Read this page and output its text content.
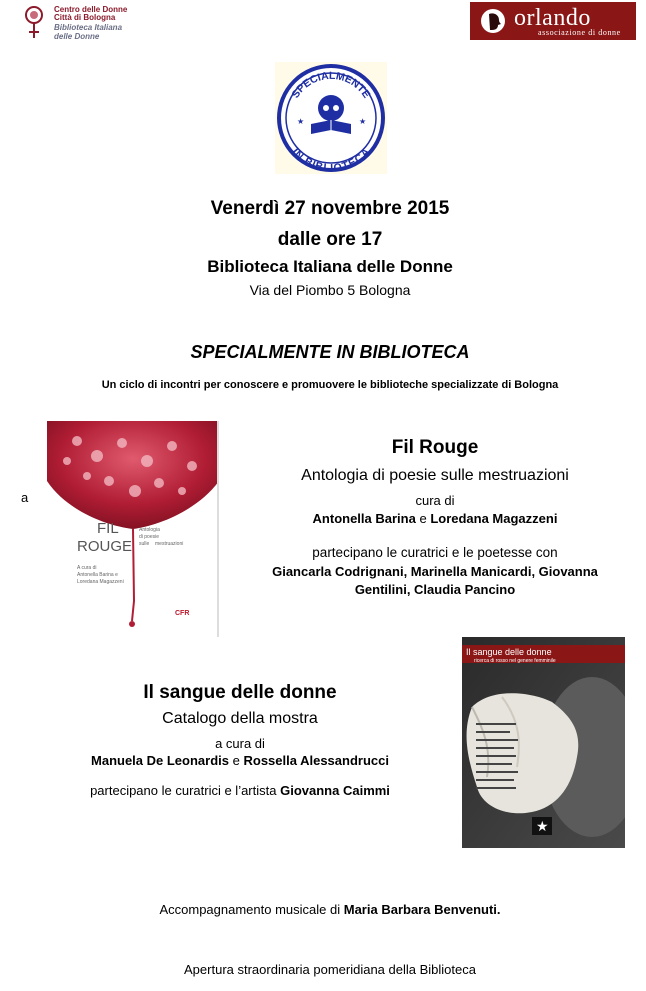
Centro delle Donne
Città di Bologna
Biblioteca Italiana
delle Donne
orlando
associazione di donne
SPECIALMENTE
IN BIBLIOTECA
★	★
Venerdì 27 novembre 2015
dalle ore 17
Biblioteca Italiana delle Donne
Via del Piombo 5 Bologna
SPECIALMENTE IN BIBLIOTECA
Un ciclo di incontri per conoscere e promuovere le biblioteche specializzate di Bologna
a
FIL
ROUGE
Antologia
di poesie
sulle mestruazioni
A cura di
Antonella Barina e
Loredana Magazzeni
CFR
Fil Rouge
Antologia di poesie sulle mestruazioni
cura di
Antonella Barina e Loredana Magazzeni
partecipano le curatrici e le poetesse con
Giancarla Codrignani, Marinella Manicardi, Giovanna
Gentilini, Claudia Pancino
Il sangue delle donne
ricerca di rosso nel genere femminile
★
Il sangue delle donne
Catalogo della mostra
a cura di
Manuela De Leonardis e Rossella Alessandrucci
partecipano le curatrici e l’artista Giovanna Caimmi
Accompagnamento musicale di Maria Barbara Benvenuti.
Apertura straordinaria pomeridiana della Biblioteca
